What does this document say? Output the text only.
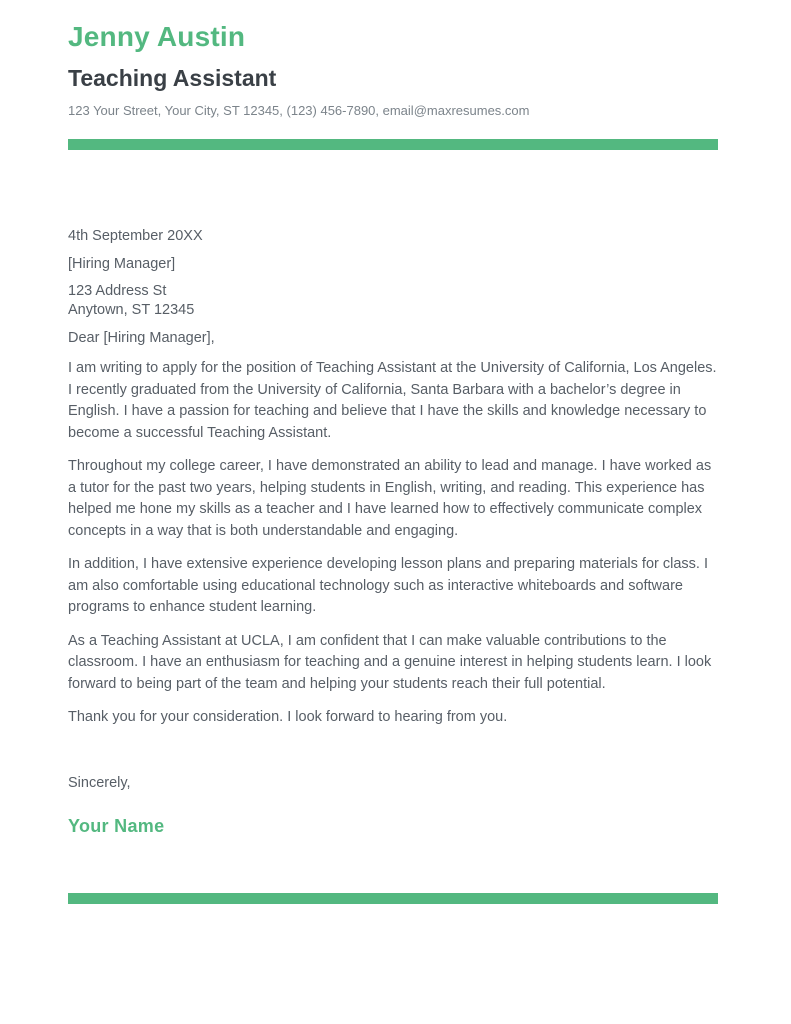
Jenny Austin
Teaching Assistant

123 Your Street, Your City, ST 12345, (123) 456-7890, email@maxresumes.com

4th September 20XX

[Hiring Manager]

123 Address St
Anytown, ST 12345

Dear [Hiring Manager],

I am writing to apply for the position of Teaching Assistant at the University of California, Los Angeles. I recently graduated from the University of California, Santa Barbara with a bachelor’s degree in English. I have a passion for teaching and believe that I have the skills and knowledge necessary to become a successful Teaching Assistant.

Throughout my college career, I have demonstrated an ability to lead and manage. I have worked as a tutor for the past two years, helping students in English, writing, and reading. This experience has helped me hone my skills as a teacher and I have learned how to effectively communicate complex concepts in a way that is both understandable and engaging.

In addition, I have extensive experience developing lesson plans and preparing materials for class. I am also comfortable using educational technology such as interactive whiteboards and software programs to enhance student learning.

As a Teaching Assistant at UCLA, I am confident that I can make valuable contributions to the classroom. I have an enthusiasm for teaching and a genuine interest in helping students learn. I look forward to being part of the team and helping your students reach their full potential.

Thank you for your consideration. I look forward to hearing from you.

Sincerely,

Your Name
